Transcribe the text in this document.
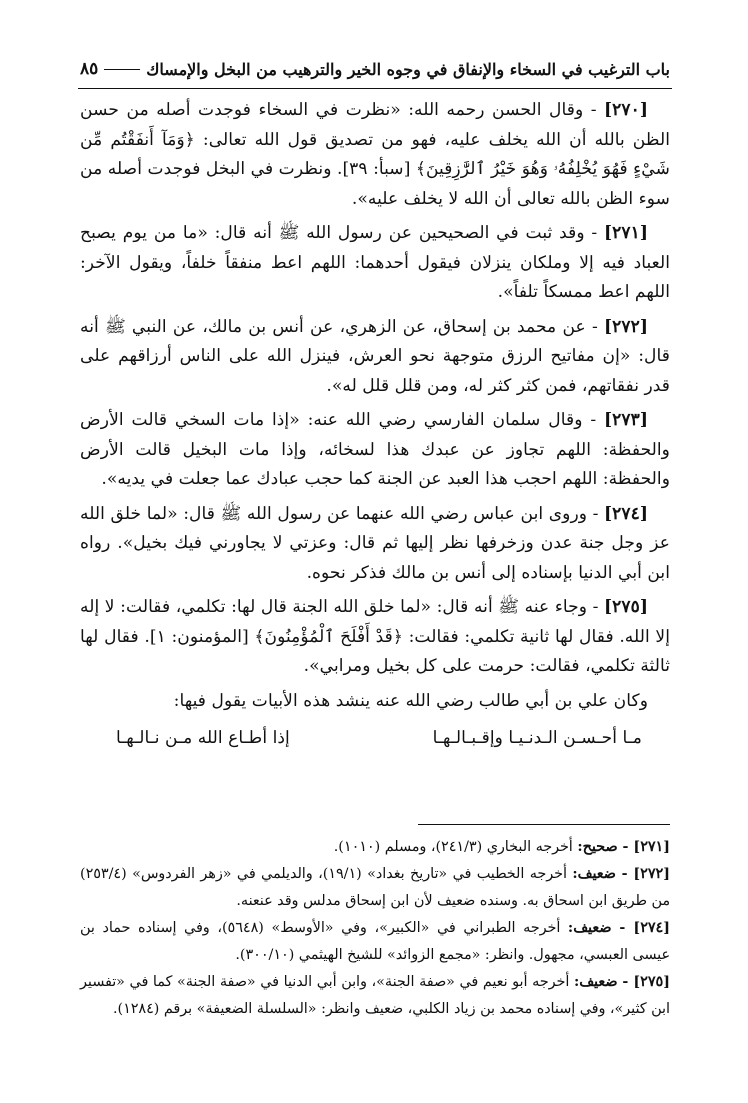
باب الترغيب في السخاء والإنفاق في وجوه الخير والترهيب من البخل والإمساك
٨٥

[٢٧٠] - وقال الحسن رحمه الله: «نظرت في السخاء فوجدت أصله من حسن الظن بالله أن الله يخلف عليه، فهو من تصديق قول الله تعالى: ﴿وَمَآ أَنفَقْتُم مِّن شَيْءٍ فَهُوَ يُخْلِفُهُۥ وَهُوَ خَيْرُ ٱلرَّٰزِقِينَ﴾ [سبأ: ٣٩]. ونظرت في البخل فوجدت أصله من سوء الظن بالله تعالى أن الله لا يخلف عليه».

[٢٧١] - وقد ثبت في الصحيحين عن رسول الله ﷺ أنه قال: «ما من يوم يصبح العباد فيه إلا وملكان ينزلان فيقول أحدهما: اللهم اعط منفقاً خلفاً، ويقول الآخر: اللهم اعط ممسكاً تلفاً».

[٢٧٢] - عن محمد بن إسحاق، عن الزهري، عن أنس بن مالك، عن النبي ﷺ أنه قال: «إن مفاتيح الرزق متوجهة نحو العرش، فينزل الله على الناس أرزاقهم على قدر نفقاتهم، فمن كثر كثر له، ومن قلل قلل له».

[٢٧٣] - وقال سلمان الفارسي رضي الله عنه: «إذا مات السخي قالت الأرض والحفظة: اللهم تجاوز عن عبدك هذا لسخائه، وإذا مات البخيل قالت الأرض والحفظة: اللهم احجب هذا العبد عن الجنة كما حجب عبادك عما جعلت في يديه».

[٢٧٤] - وروى ابن عباس رضي الله عنهما عن رسول الله ﷺ قال: «لما خلق الله عز وجل جنة عدن وزخرفها نظر إليها ثم قال: وعزتي لا يجاورني فيك بخيل». رواه ابن أبي الدنيا بإسناده إلى أنس بن مالك فذكر نحوه.

[٢٧٥] - وجاء عنه ﷺ أنه قال: «لما خلق الله الجنة قال لها: تكلمي، فقالت: لا إله إلا الله. فقال لها ثانية تكلمي: فقالت: ﴿قَدْ أَفْلَحَ ٱلْمُؤْمِنُونَ﴾ [المؤمنون: ١]. فقال لها ثالثة تكلمي، فقالت: حرمت على كل بخيل ومرابي».

وكان علي بن أبي طالب رضي الله عنه ينشد هذه الأبيات يقول فيها:

مـا أحـسـن الـدنـيـا وإقـبـالـهـا
إذا أطـاع الله مـن نـالـهـا

[٢٧١] - صحيح: أخرجه البخاري (٢٤١/٣)، ومسلم (١٠١٠).

[٢٧٢] - ضعيف: أخرجه الخطيب في «تاريخ بغداد» (١٩/١)، والديلمي في «زهر الفردوس» (٢٥٣/٤) من طريق ابن اسحاق به. وسنده ضعيف لأن ابن إسحاق مدلس وقد عنعنه.

[٢٧٤] - ضعيف: أخرجه الطبراني في «الكبير»، وفي «الأوسط» (٥٦٤٨)، وفي إسناده حماد بن عيسى العبسي، مجهول. وانظر: «مجمع الزوائد» للشيخ الهيثمي (٣٠٠/١٠).

[٢٧٥] - ضعيف: أخرجه أبو نعيم في «صفة الجنة»، وابن أبي الدنيا في «صفة الجنة» كما في «تفسير ابن كثير»، وفي إسناده محمد بن زياد الكلبي، ضعيف وانظر: «السلسلة الضعيفة» برقم (١٢٨٤).
